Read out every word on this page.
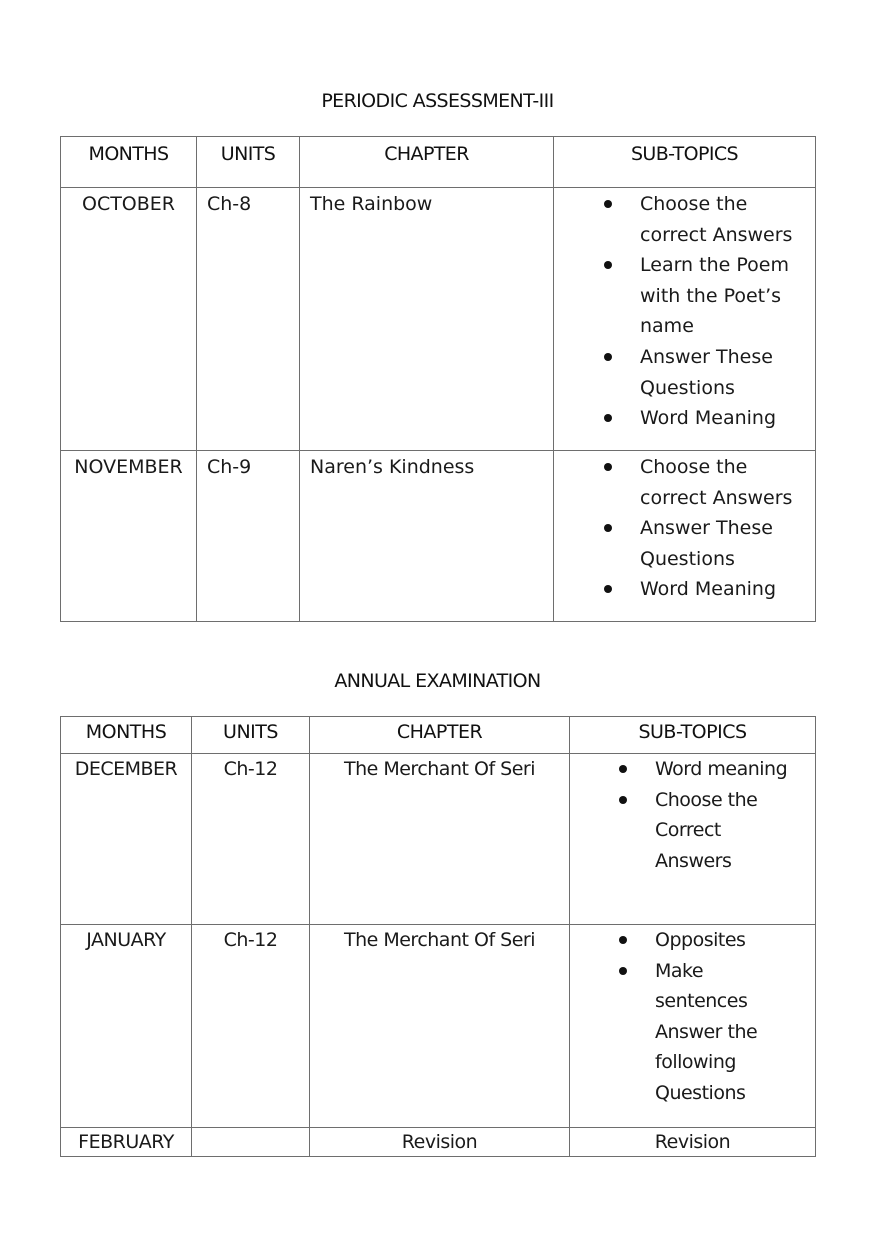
PERIODIC ASSESSMENT-III
MONTHS	UNITS	CHAPTER	SUB-TOPICS
OCTOBER	Ch-8	The Rainbow	Choose the
correct Answers
Learn the Poem
with the Poet’s
name
Answer These
Questions
Word Meaning

NOVEMBER	Ch-9	Naren’s Kindness	Choose the
correct Answers
Answer These
Questions
Word Meaning
ANNUAL EXAMINATION
MONTHS	UNITS	CHAPTER	SUB-TOPICS
DECEMBER	Ch-12	The Merchant Of Seri	Word meaning
Choose the
Correct
Answers

JANUARY	Ch-12	The Merchant Of Seri	Opposites
Make
sentences
Answer the
following
Questions

FEBRUARY		Revision	Revision
